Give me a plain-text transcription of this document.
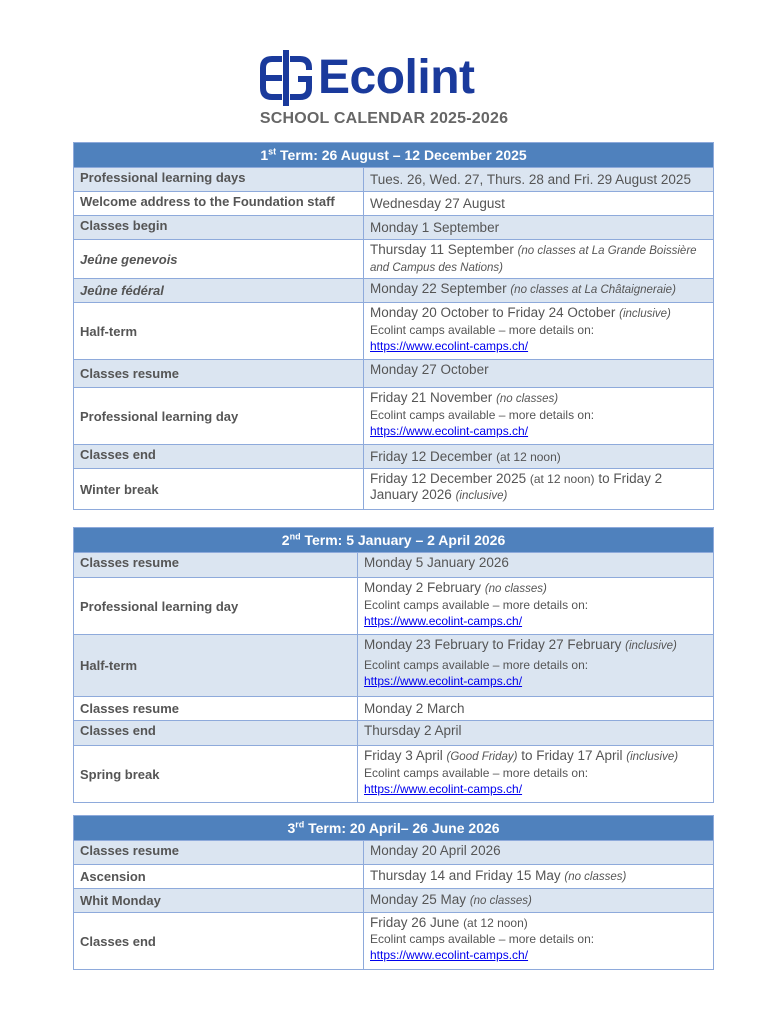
Ecolint
SCHOOL CALENDAR 2025-2026
1st Term: 26 August – 12 December 2025	
Professional learning days	Tues. 26, Wed. 27, Thurs. 28 and Fri. 29 August 2025
Welcome address to the Foundation staff	Wednesday 27 August
Classes begin	Monday 1 September
Jeûne genevois	Thursday 11 September (no classes at La Grande Boissière and Campus des Nations)
Jeûne fédéral	Monday 22 September (no classes at La Châtaigneraie)
Half-term	Monday 20 October to Friday 24 October (inclusive)
Ecolint camps available – more details on:
https://www.ecolint-camps.ch/
Classes resume	Monday 27 October
Professional learning day	Friday 21 November (no classes)
Ecolint camps available – more details on:
https://www.ecolint-camps.ch/
Classes end	Friday 12 December (at 12 noon)
Winter break	Friday 12 December 2025 (at 12 noon) to Friday 2 January 2026 (inclusive)
2nd Term: 5 January – 2 April 2026	
Classes resume	Monday 5 January 2026
Professional learning day	Monday 2 February (no classes)
Ecolint camps available – more details on:
https://www.ecolint-camps.ch/
Half-term	Monday 23 February to Friday 27 February (inclusive)
Ecolint camps available – more details on:
https://www.ecolint-camps.ch/
Classes resume	Monday 2 March
Classes end	Thursday 2 April
Spring break	Friday 3 April (Good Friday) to Friday 17 April (inclusive)
Ecolint camps available – more details on:
https://www.ecolint-camps.ch/
3rd Term: 20 April– 26 June 2026	
Classes resume	Monday 20 April 2026
Ascension	Thursday 14 and Friday 15 May (no classes)
Whit Monday	Monday 25 May (no classes)
Classes end	Friday 26 June (at 12 noon)
Ecolint camps available – more details on:
https://www.ecolint-camps.ch/
